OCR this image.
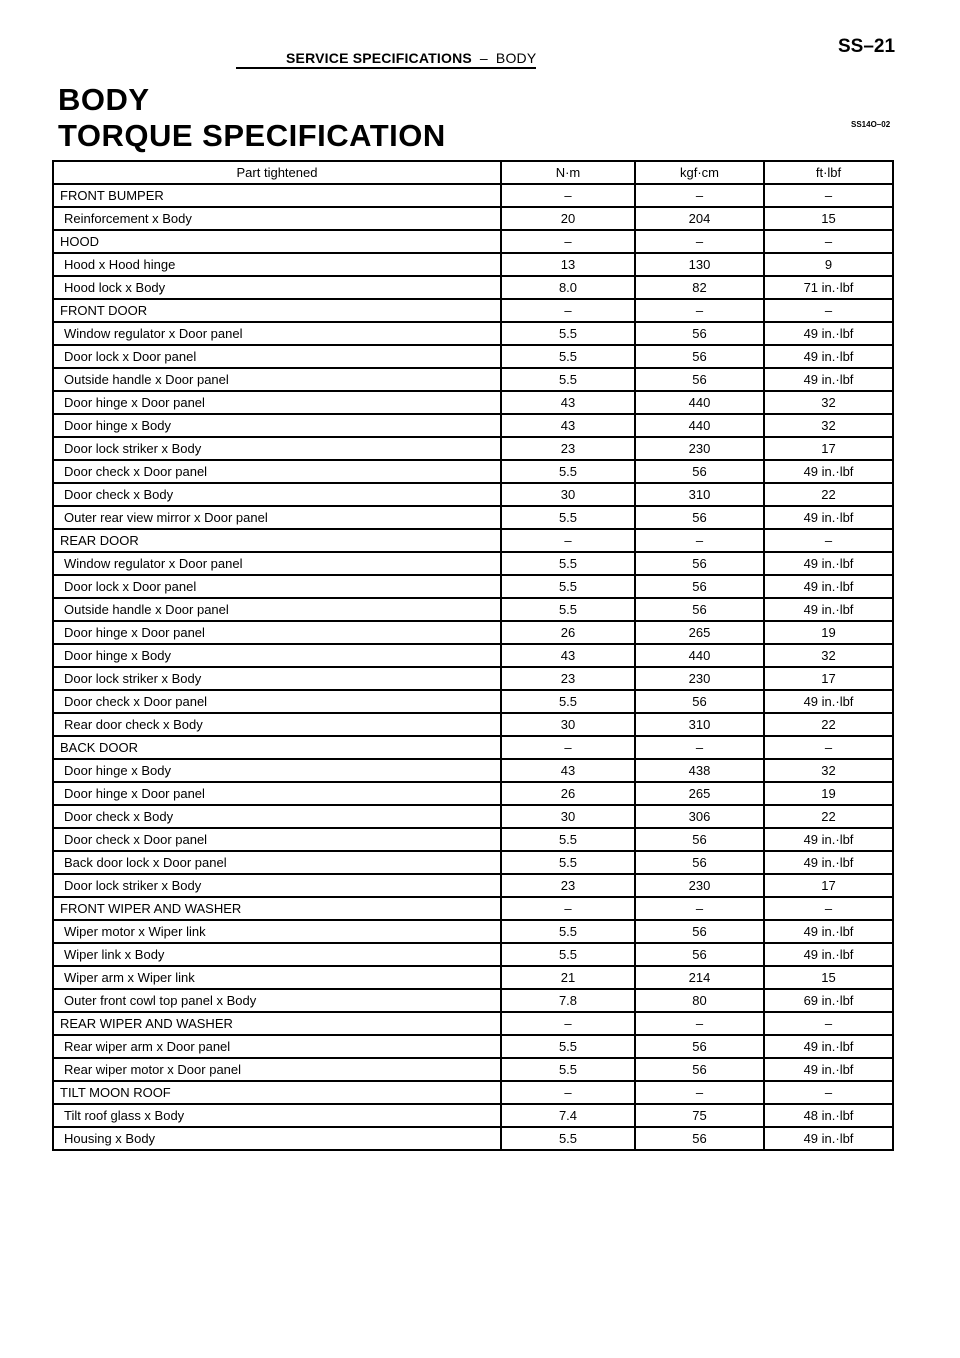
SERVICE SPECIFICATIONS – BODY
SS–21
BODY
TORQUE SPECIFICATION	SS14O–02
Part tightened	N·m	kgf·cm	ft·lbf
FRONT BUMPER	–	–	–
Reinforcement x Body	20	204	15
HOOD	–	–	–
Hood x Hood hinge	13	130	9
Hood lock x Body	8.0	82	71 in.·lbf
FRONT DOOR	–	–	–
Window regulator x Door panel	5.5	56	49 in.·lbf
Door lock x Door panel	5.5	56	49 in.·lbf
Outside handle x Door panel	5.5	56	49 in.·lbf
Door hinge x Door panel	43	440	32
Door hinge x Body	43	440	32
Door lock striker x Body	23	230	17
Door check x Door panel	5.5	56	49 in.·lbf
Door check x Body	30	310	22
Outer rear view mirror x Door panel	5.5	56	49 in.·lbf
REAR DOOR	–	–	–
Window regulator x Door panel	5.5	56	49 in.·lbf
Door lock x Door panel	5.5	56	49 in.·lbf
Outside handle x Door panel	5.5	56	49 in.·lbf
Door hinge x Door panel	26	265	19
Door hinge x Body	43	440	32
Door lock striker x Body	23	230	17
Door check x Door panel	5.5	56	49 in.·lbf
Rear door check x Body	30	310	22
BACK DOOR	–	–	–
Door hinge x Body	43	438	32
Door hinge x Door panel	26	265	19
Door check x Body	30	306	22
Door check x Door panel	5.5	56	49 in.·lbf
Back door lock x Door panel	5.5	56	49 in.·lbf
Door lock striker x Body	23	230	17
FRONT WIPER AND WASHER	–	–	–
Wiper motor x Wiper link	5.5	56	49 in.·lbf
Wiper link x Body	5.5	56	49 in.·lbf
Wiper arm x Wiper link	21	214	15
Outer front cowl top panel x Body	7.8	80	69 in.·lbf
REAR WIPER AND WASHER	–	–	–
Rear wiper arm x Door panel	5.5	56	49 in.·lbf
Rear wiper motor x Door panel	5.5	56	49 in.·lbf
TILT MOON ROOF	–	–	–
Tilt roof glass x Body	7.4	75	48 in.·lbf
Housing x Body	5.5	56	49 in.·lbf
